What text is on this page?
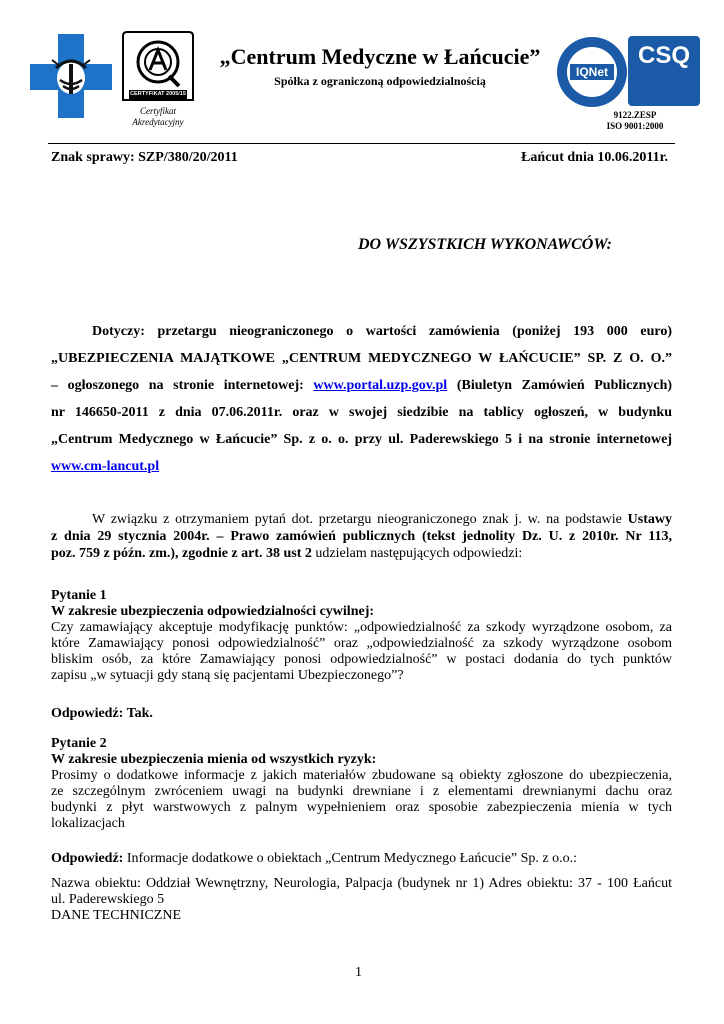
CERTYFIKAT 2005/15
Certyfikat
Akredytacyjny
„Centrum Medyczne w Łańcucie”
Spółka z ograniczoną odpowiedzialnością
IQNet
CSQ
9122.ZESP
ISO 9001:2000
Znak sprawy: SZP/380/20/2011	Łańcut dnia 10.06.2011r.
DO WSZYSTKICH WYKONAWCÓW:
Dotyczy: przetargu nieograniczonego o wartości zamówienia (poniżej 193 000 euro)
„UBEZPIECZENIA MAJĄTKOWE „CENTRUM MEDYCZNEGO W ŁAŃCUCIE” SP. Z O. O.”
– ogłoszonego na stronie internetowej: www.portal.uzp.gov.pl (Biuletyn Zamówień Publicznych)
nr 146650-2011 z dnia 07.06.2011r. oraz w swojej siedzibie na tablicy ogłoszeń, w budynku
„Centrum Medycznego w Łańcucie” Sp. z o. o. przy ul. Paderewskiego 5 i na stronie internetowej
www.cm-lancut.pl
W związku z otrzymaniem pytań dot. przetargu nieograniczonego znak j. w. na podstawie Ustawy
z dnia 29 stycznia 2004r. – Prawo zamówień publicznych (tekst jednolity Dz. U. z 2010r. Nr 113,
poz. 759 z późn. zm.), zgodnie z art. 38 ust 2 udzielam następujących odpowiedzi:
Pytanie 1
W zakresie ubezpieczenia odpowiedzialności cywilnej:
Czy zamawiający akceptuje modyfikację punktów: „odpowiedzialność za szkody wyrządzone osobom, za
które Zamawiający ponosi odpowiedzialność” oraz „odpowiedzialność za szkody wyrządzone osobom
bliskim osób, za które Zamawiający ponosi odpowiedzialność” w postaci dodania do tych punktów
zapisu „w sytuacji gdy staną się pacjentami Ubezpieczonego”?
Odpowiedź: Tak.
Pytanie 2
W zakresie ubezpieczenia mienia od wszystkich ryzyk:
Prosimy o dodatkowe informacje z jakich materiałów zbudowane są obiekty zgłoszone do ubezpieczenia,
ze szczególnym zwróceniem uwagi na budynki drewniane i z elementami drewnianymi dachu oraz
budynki z płyt warstwowych z palnym wypełnieniem oraz sposobie zabezpieczenia mienia w tych
lokalizacjach
Odpowiedź: Informacje dodatkowe o obiektach „Centrum Medycznego Łańcucie” Sp. z o.o.:
Nazwa obiektu: Oddział Wewnętrzny, Neurologia, Palpacja (budynek nr 1) Adres obiektu: 37 - 100 Łańcut
ul. Paderewskiego 5
DANE TECHNICZNE
1
